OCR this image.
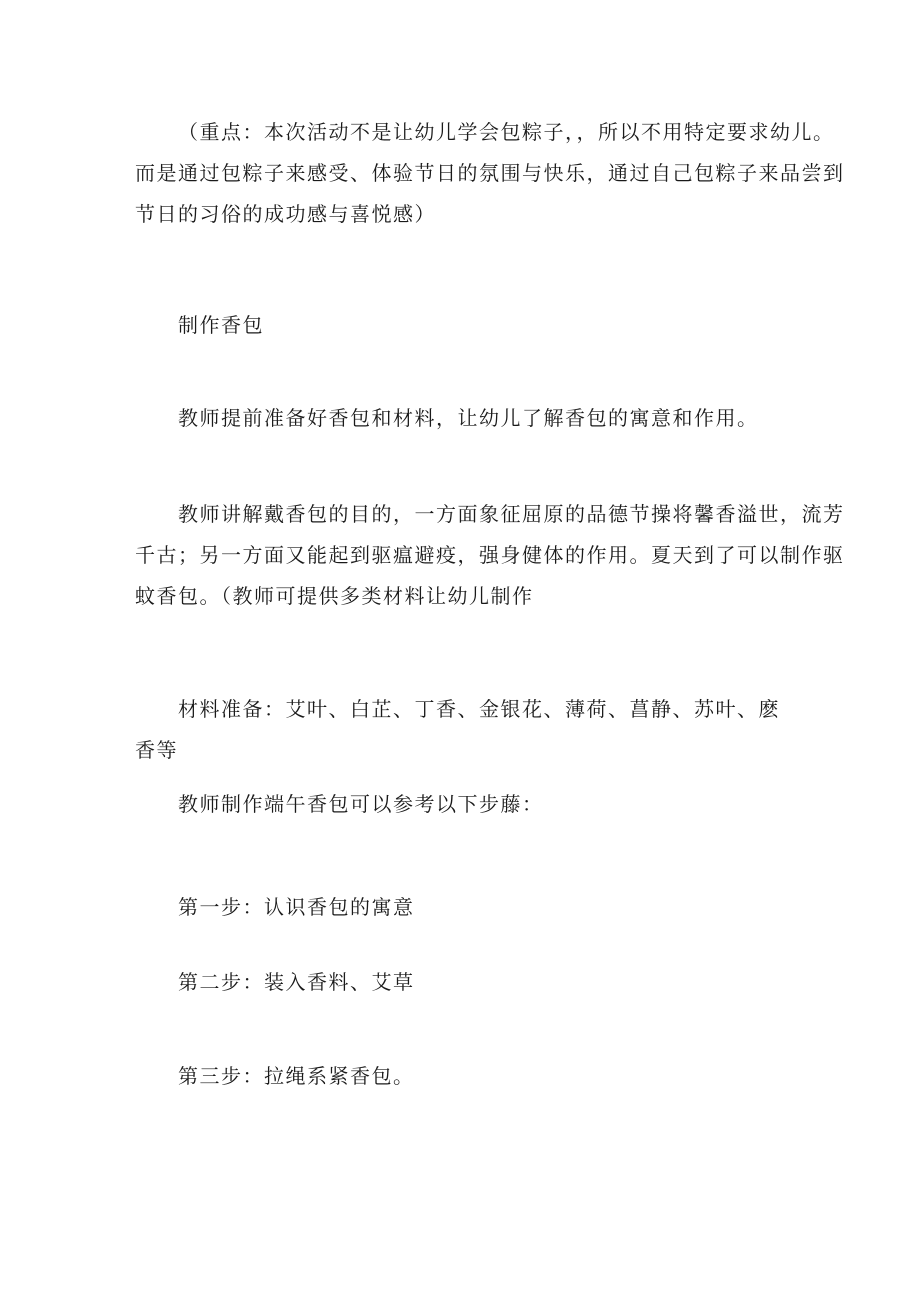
（重点：本次活动不是让幼儿学会包粽子，，所以不用特定要求幼儿。
而是通过包粽子来感受、体验节日的氛围与快乐，通过自己包粽子来品尝到
节日的习俗的成功感与喜悦感）

制作香包

教师提前准备好香包和材料，让幼儿了解香包的寓意和作用。

教师讲解戴香包的目的，一方面象征屈原的品德节操将馨香溢世，流芳
千古；另一方面又能起到驱瘟避疫，强身健体的作用。夏天到了可以制作驱
蚊香包。（教师可提供多类材料让幼儿制作

材料准备：艾叶、白芷、丁香、金银花、薄荷、菖静、苏叶、麽香等

教师制作端午香包可以参考以下步藤：

第一步：认识香包的寓意

第二步：装入香料、艾草

第三步：拉绳系紧香包。
